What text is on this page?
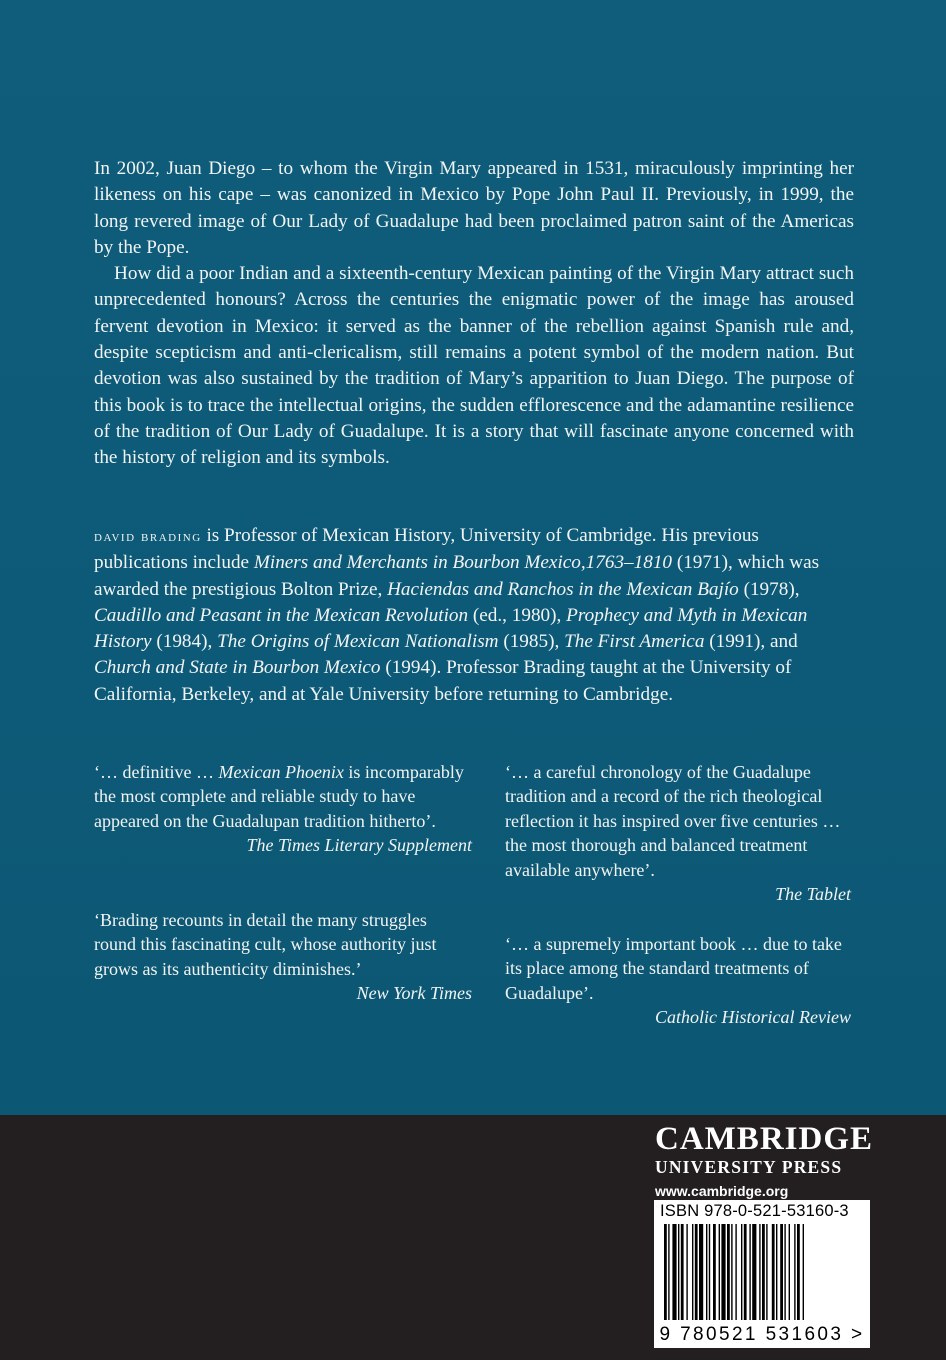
In 2002, Juan Diego – to whom the Virgin Mary appeared in 1531, miraculously imprinting her likeness on his cape – was canonized in Mexico by Pope John Paul II. Previously, in 1999, the long revered image of Our Lady of Guadalupe had been proclaimed patron saint of the Americas by the Pope.

How did a poor Indian and a sixteenth-century Mexican painting of the Virgin Mary attract such unprecedented honours? Across the centuries the enigmatic power of the image has aroused fervent devotion in Mexico: it served as the banner of the rebellion against Spanish rule and, despite scepticism and anti-clericalism, still remains a potent symbol of the modern nation. But devotion was also sustained by the tradition of Mary’s apparition to Juan Diego. The purpose of this book is to trace the intellectual origins, the sudden efflorescence and the adamantine resilience of the tradition of Our Lady of Guadalupe. It is a story that will fascinate anyone concerned with the history of religion and its symbols.

david brading is Professor of Mexican History, University of Cambridge. His previous publications include Miners and Merchants in Bourbon Mexico,1763–1810 (1971), which was awarded the prestigious Bolton Prize, Haciendas and Ranchos in the Mexican Bajío (1978), Caudillo and Peasant in the Mexican Revolution (ed., 1980), Prophecy and Myth in Mexican History (1984), The Origins of Mexican Nationalism (1985), The First America (1991), and Church and State in Bourbon Mexico (1994). Professor Brading taught at the University of California, Berkeley, and at Yale University before returning to Cambridge.
‘… definitive … Mexican Phoenix is incomparably the most complete and reliable study to have appeared on the Guadalupan tradition hitherto’.
The Times Literary Supplement
‘Brading recounts in detail the many struggles round this fascinating cult, whose authority just grows as its authenticity diminishes.’
New York Times
‘… a careful chronology of the Guadalupe tradition and a record of the rich theological reflection it has inspired over five centuries … the most thorough and balanced treatment available anywhere’.
The Tablet
‘… a supremely important book … due to take its place among the standard treatments of Guadalupe’.
Catholic Historical Review
CAMBRIDGE
UNIVERSITY PRESS
www.cambridge.org
ISBN 978-0-521-53160-3
9 780521 531603 >
